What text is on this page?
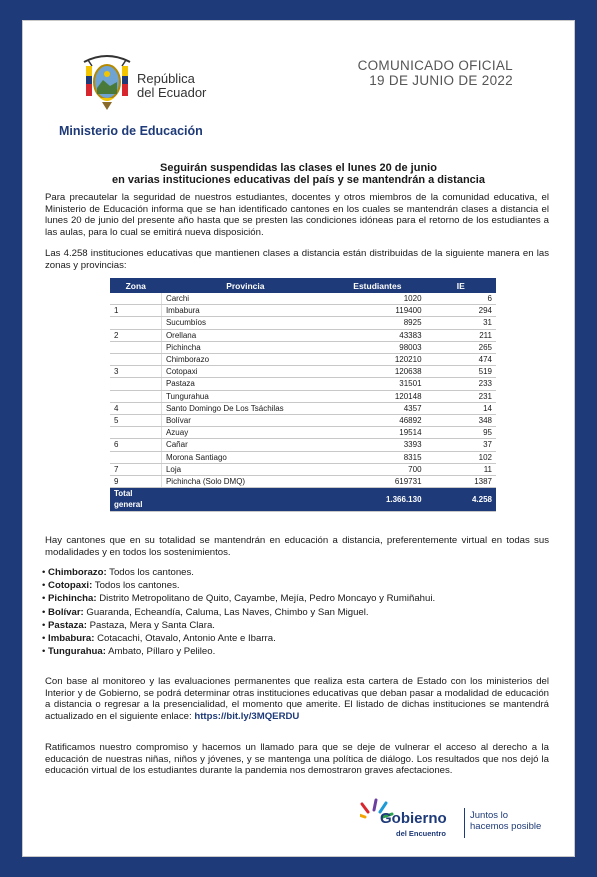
República
del Ecuador
Ministerio de Educación
COMUNICADO OFICIAL
19 DE JUNIO DE 2022
Seguirán suspendidas las clases el lunes 20 de junio
en varias instituciones educativas del país y se mantendrán a distancia
Para precautelar la seguridad de nuestros estudiantes, docentes y otros miembros de la comunidad educativa, el Ministerio de Educación informa que se han identificado cantones en los cuales se mantendrán clases a distancia el lunes 20 de junio del presente año hasta que se presten las condiciones idóneas para el retorno de los estudiantes a las aulas, para lo cual se emitirá nueva disposición.
Las 4.258 instituciones educativas que mantienen clases a distancia están distribuidas de la siguiente manera en las zonas y provincias:
Zona	Provincia	Estudiantes	IE
	Carchi	1020	6
1	Imbabura	119400	294
	Sucumbíos	8925	31
2	Orellana	43383	211
	Pichincha	98003	265
	Chimborazo	120210	474
3	Cotopaxi	120638	519
	Pastaza	31501	233
	Tungurahua	120148	231
4	Santo Domingo De Los Tsáchilas	4357	14
5	Bolívar	46892	348
	Azuay	19514	95
6	Cañar	3393	37
	Morona Santiago	8315	102
7	Loja	700	11
9	Pichincha (Solo DMQ)	619731	1387
Total general		1.366.130	4.258
Hay cantones que en su totalidad se mantendrán en educación a distancia, preferentemente virtual en todas sus modalidades y en todos los sostenimientos.
• Chimborazo: Todos los cantones.
• Cotopaxi: Todos los cantones.
• Pichincha: Distrito Metropolitano de Quito, Cayambe, Mejía, Pedro Moncayo y Rumiñahui.
• Bolívar: Guaranda, Echeandía, Caluma, Las Naves, Chimbo y San Miguel.
• Pastaza: Pastaza, Mera y Santa Clara.
• Imbabura: Cotacachi, Otavalo, Antonio Ante e Ibarra.
• Tungurahua: Ambato, Píllaro y Pelileo.
Con base al monitoreo y las evaluaciones permanentes que realiza esta cartera de Estado con los ministerios del Interior y de Gobierno, se podrá determinar otras instituciones educativas que deban pasar a modalidad de educación a distancia o regresar a la presencialidad, el momento que amerite. El listado de dichas instituciones se mantendrá actualizado en el siguiente enlace: https://bit.ly/3MQERDU
Ratificamos nuestro compromiso y hacemos un llamado para que se deje de vulnerar el acceso al derecho a la educación de nuestras niñas, niños y jóvenes, y se mantenga una política de diálogo. Los resultados que nos dejó la educación virtual de los estudiantes durante la pandemia nos demostraron graves afectaciones.
Gobierno
del Encuentro
Juntos lo
hacemos posible
